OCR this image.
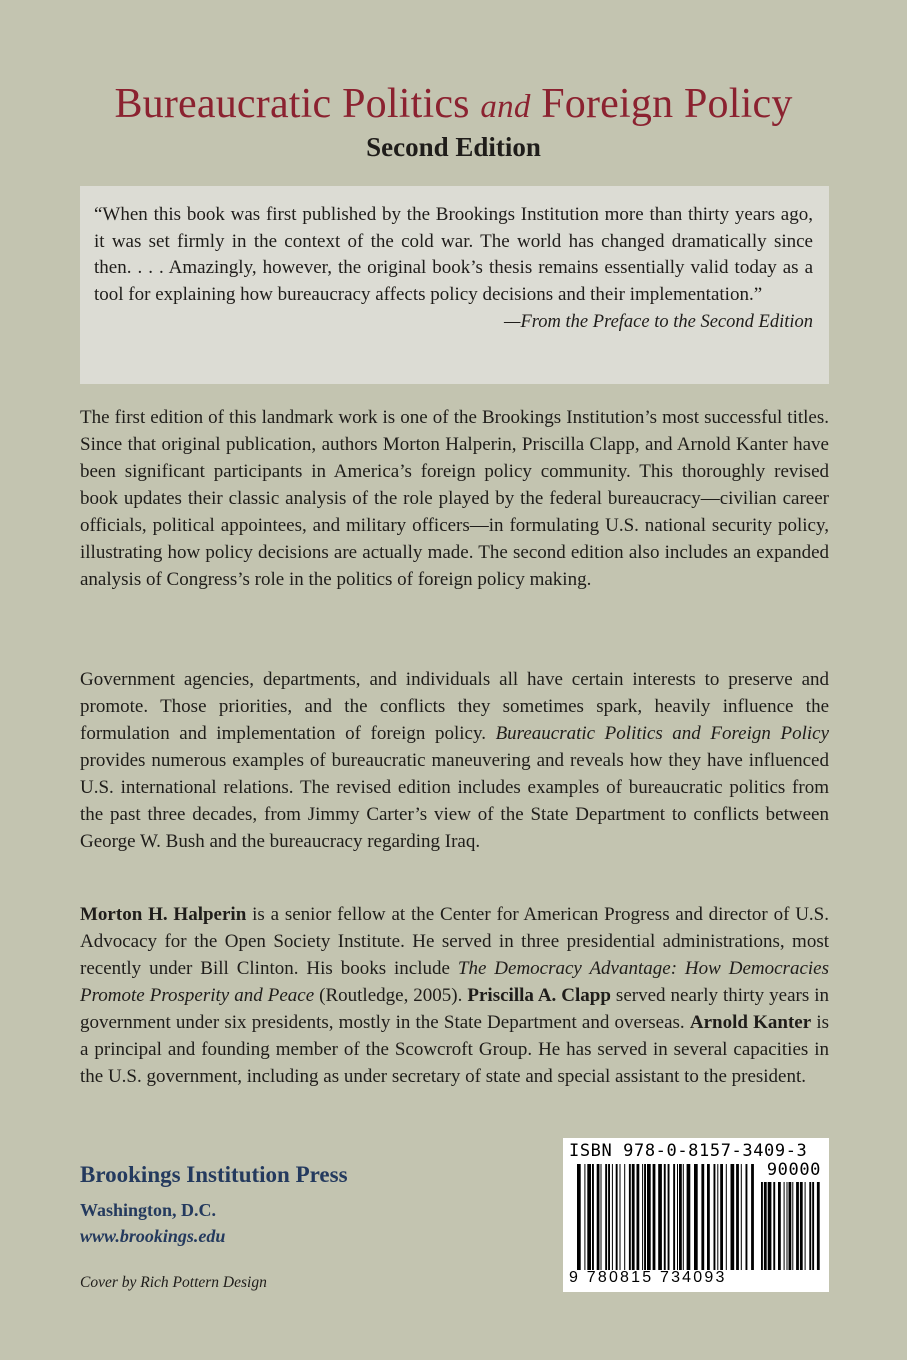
Bureaucratic Politics and Foreign Policy
Second Edition
“When this book was first published by the Brookings Institution more than thirty years ago, it was set firmly in the context of the cold war. The world has changed dramatically since then. . . . Amazingly, however, the original book’s thesis remains essentially valid today as a tool for explaining how bureaucracy affects policy decisions and their implementation.”
—From the Preface to the Second Edition

The first edition of this landmark work is one of the Brookings Institution’s most successful titles. Since that original publication, authors Morton Halperin, Priscilla Clapp, and Arnold Kanter have been significant participants in America’s foreign policy community. This thoroughly revised book updates their classic analysis of the role played by the federal bureaucracy—civilian career officials, political appointees, and military officers—in formulating U.S. national security policy, illustrating how policy decisions are actually made. The second edition also includes an expanded analysis of Congress’s role in the politics of foreign policy making.

Government agencies, departments, and individuals all have certain interests to preserve and promote. Those priorities, and the conflicts they sometimes spark, heavily influence the formulation and implementation of foreign policy. Bureaucratic Politics and Foreign Policy provides numerous examples of bureaucratic maneuvering and reveals how they have influenced U.S. international relations. The revised edition includes examples of bureaucratic politics from the past three decades, from Jimmy Carter’s view of the State Department to conflicts between George W. Bush and the bureaucracy regarding Iraq.

Morton H. Halperin is a senior fellow at the Center for American Progress and director of U.S. Advocacy for the Open Society Institute. He served in three presidential administrations, most recently under Bill Clinton. His books include The Democracy Advantage: How Democracies Promote Prosperity and Peace (Routledge, 2005). Priscilla A. Clapp served nearly thirty years in government under six presidents, mostly in the State Department and overseas. Arnold Kanter is a principal and founding member of the Scowcroft Group. He has served in several capacities in the U.S. government, including as under secretary of state and special assistant to the president.

Brookings Institution Press
Washington, D.C.
www.brookings.edu
Cover by Rich Pottern Design
ISBN 978-0-8157-3409-3
90000
9 780815 734093
